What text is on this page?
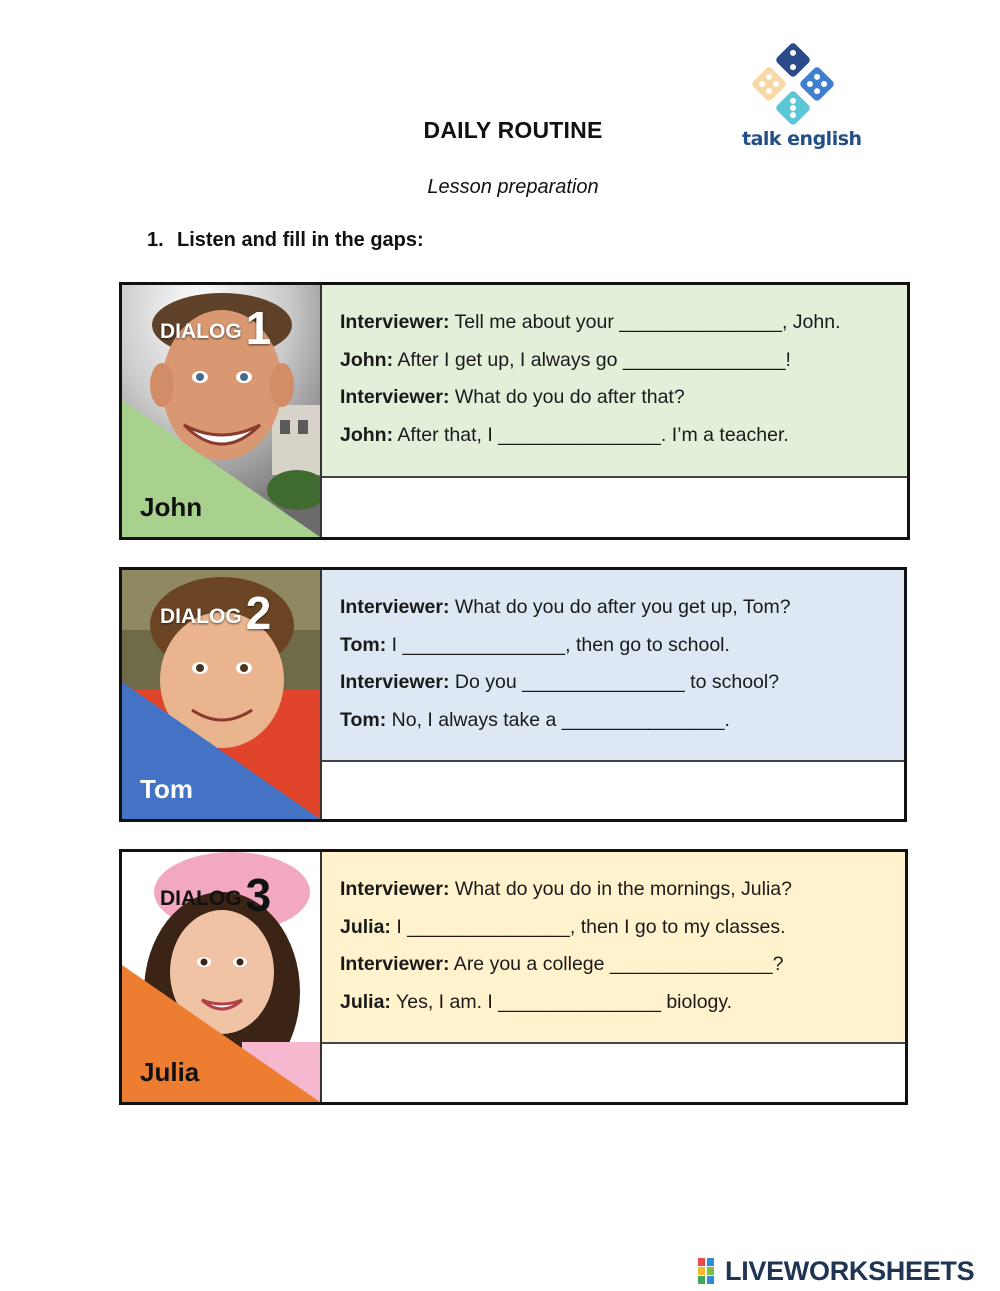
talk english
DAILY ROUTINE
Lesson preparation
1. Listen and fill in the gaps:
DIALOG1
John
Interviewer: Tell me about your _______________, John.
John: After I get up, I always go _______________!
Interviewer: What do you do after that?
John: After that, I _______________. I’m a teacher.
DIALOG2
Tom
Interviewer: What do you do after you get up, Tom?
Tom: I _______________, then go to school.
Interviewer: Do you _______________ to school?
Tom: No, I always take a _______________.
DIALOG3
Julia
Interviewer: What do you do in the mornings, Julia?
Julia: I _______________, then I go to my classes.
Interviewer: Are you a college _______________?
Julia: Yes, I am. I _______________ biology.
LIVEWORKSHEETS
